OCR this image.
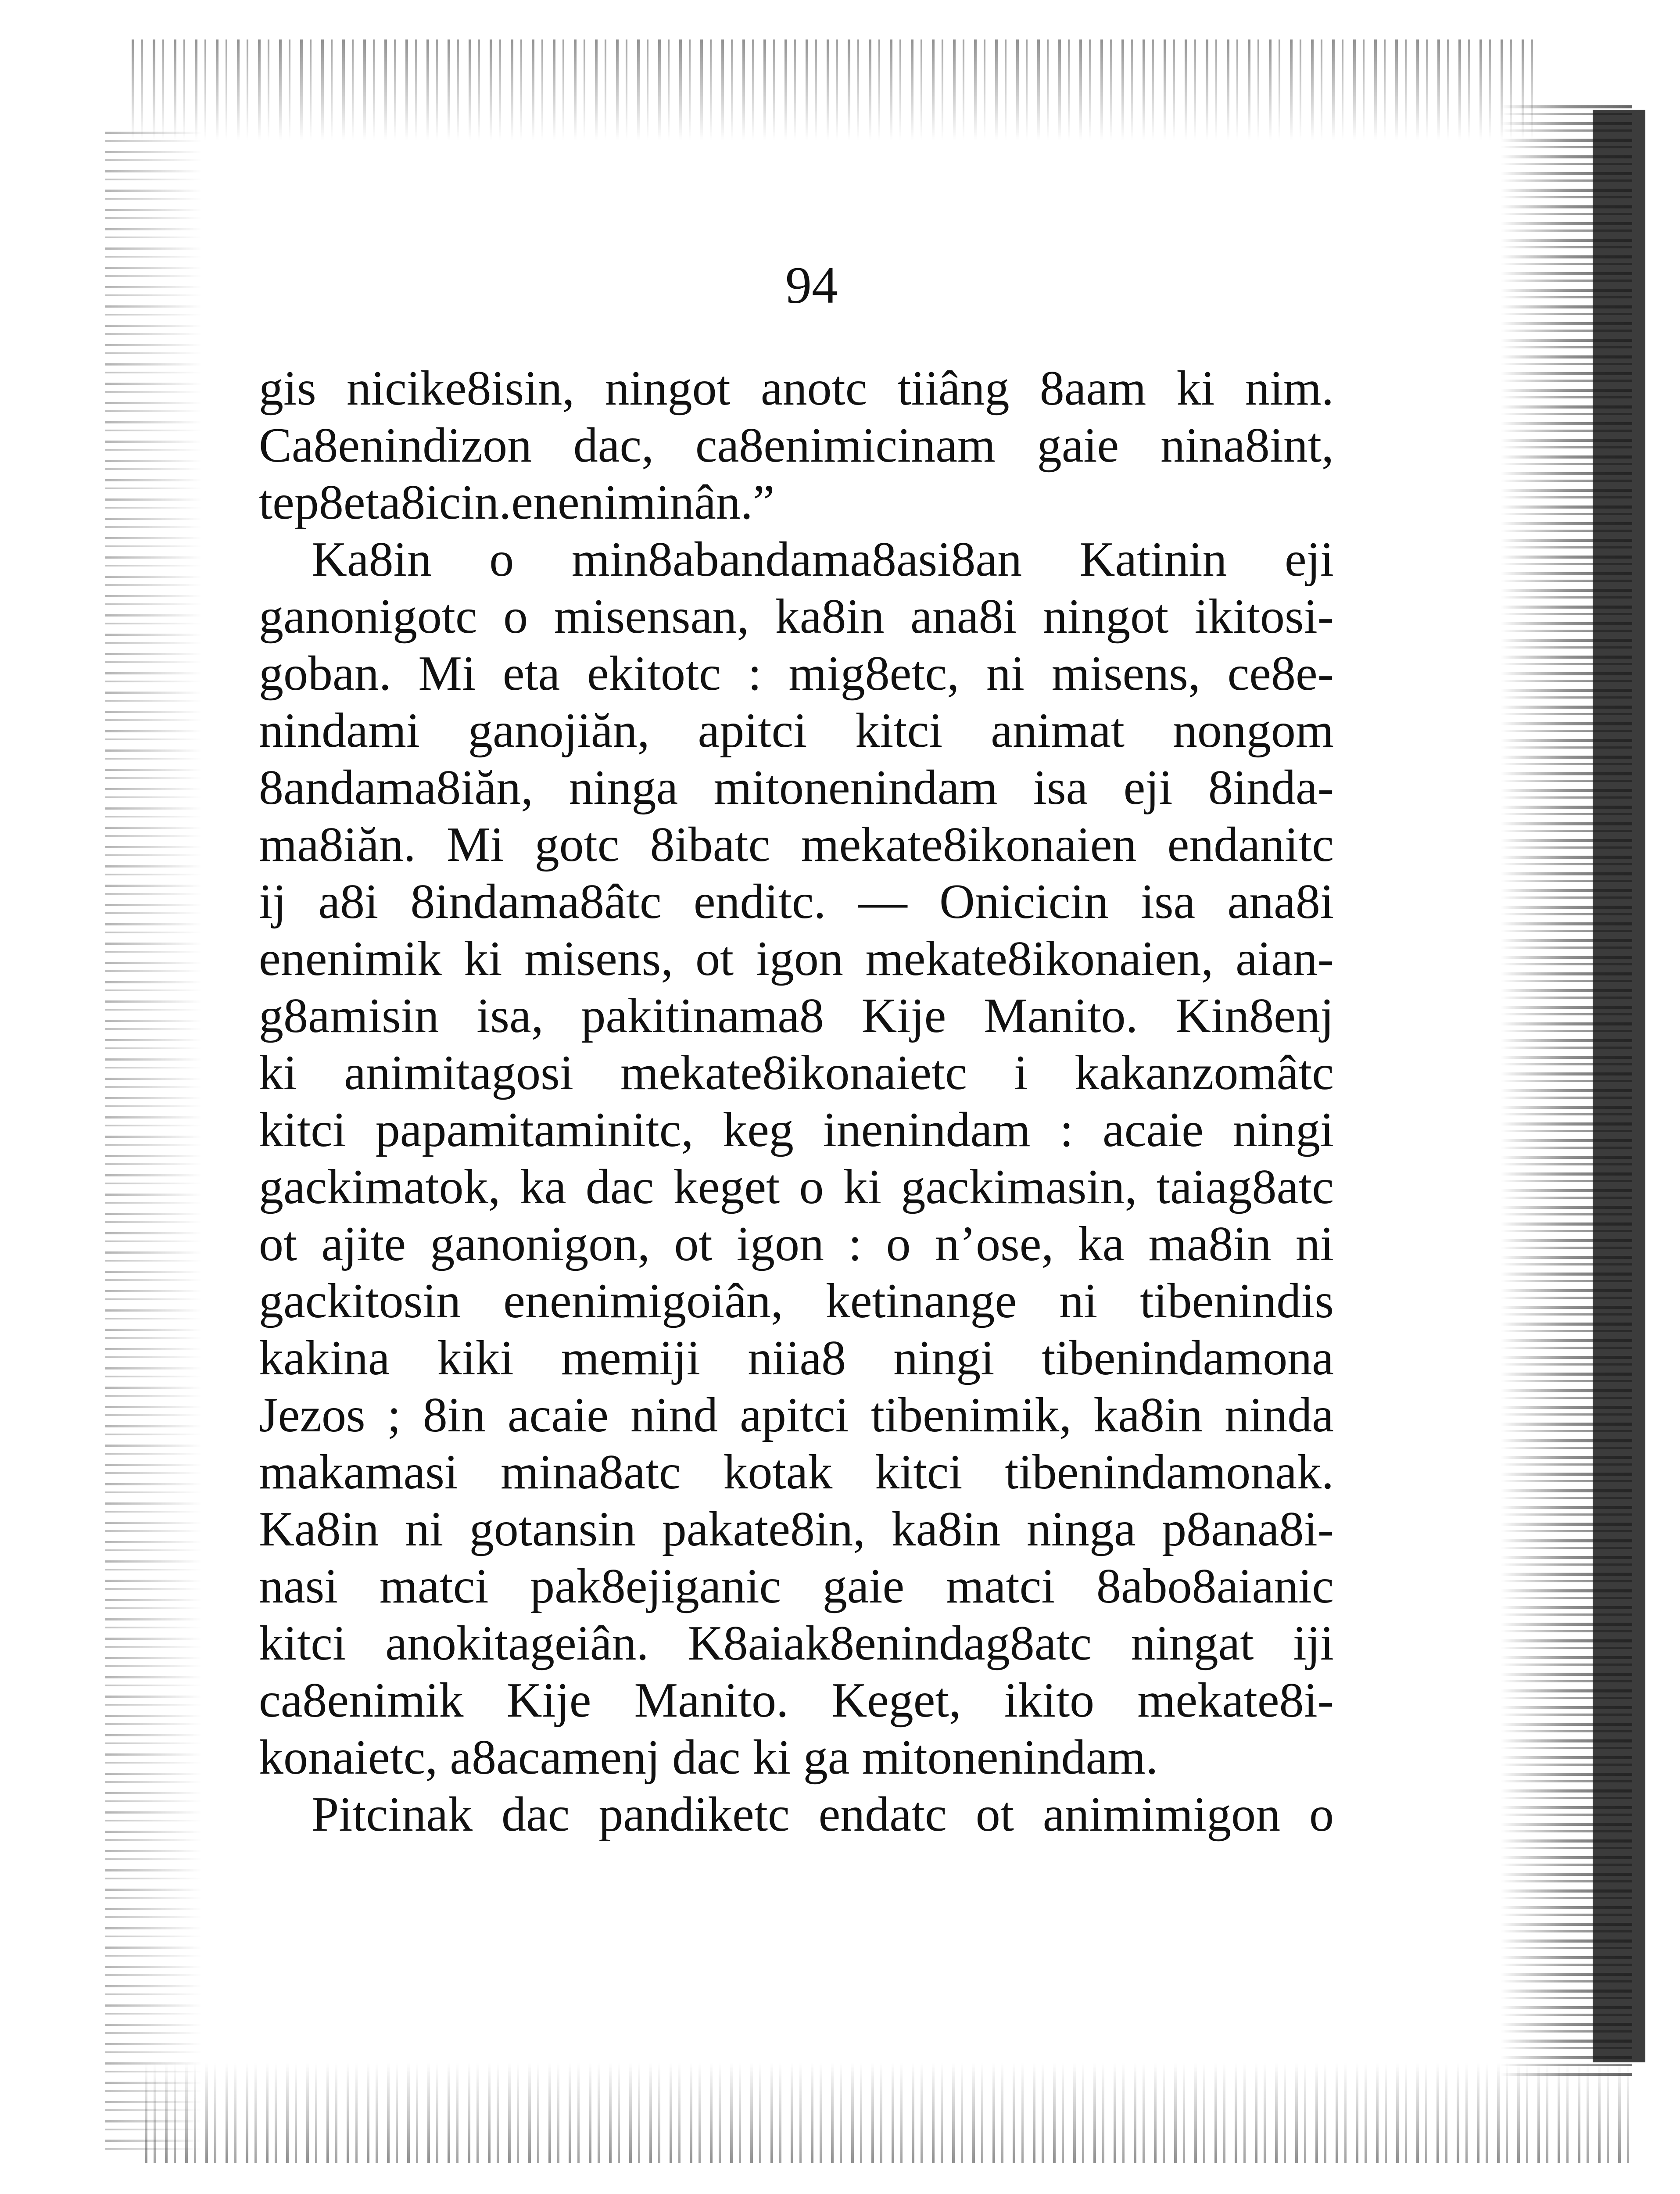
94
gis nicike8isin, ningot anotc tiiâng 8aam ki nim.
Ca8enindizon dac, ca8enimicinam gaie nina8int,
tep8eta8icin.eneniminân.”
Ka8in o min8abandama8asi8an Katinin eji
ganonigotc o misensan, ka8in ana8i ningot ikitosi-
goban. Mi eta ekitotc : mig8etc, ni misens, ce8e-
nindami ganojiăn, apitci kitci animat nongom
8andama8iăn, ninga mitonenindam isa eji 8inda-
ma8iăn. Mi gotc 8ibatc mekate8ikonaien endanitc
ij a8i 8indama8âtc enditc. — Onicicin isa ana8i
enenimik ki misens, ot igon mekate8ikonaien, aian-
g8amisin isa, pakitinama8 Kije Manito. Kin8enj
ki animitagosi mekate8ikonaietc i kakanzomâtc
kitci papamitaminitc, keg inenindam : acaie ningi
gackimatok, ka dac keget o ki gackimasin, taiag8atc
ot ajite ganonigon, ot igon : o n’ose, ka ma8in ni
gackitosin enenimigoiân, ketinange ni tibenindis
kakina kiki memiji niia8 ningi tibenindamona
Jezos ; 8in acaie nind apitci tibenimik, ka8in ninda
makamasi mina8atc kotak kitci tibenindamonak.
Ka8in ni gotansin pakate8in, ka8in ninga p8ana8i-
nasi matci pak8ejiganic gaie matci 8abo8aianic
kitci anokitageiân. K8aiak8enindag8atc ningat iji
ca8enimik Kije Manito. Keget, ikito mekate8i-
konaietc, a8acamenj dac ki ga mitonenindam.
Pitcinak dac pandiketc endatc ot animimigon o
